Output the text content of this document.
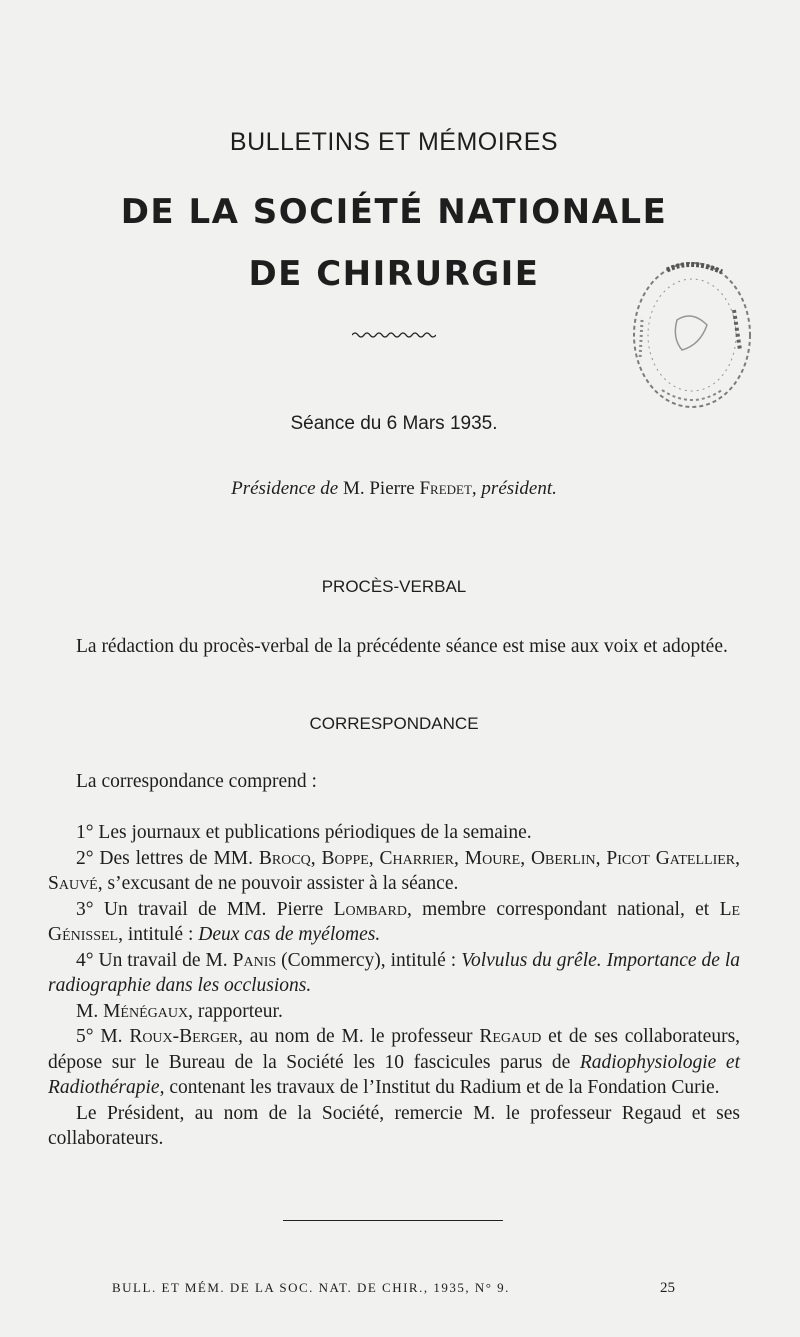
BULLETINS ET MÉMOIRES
DE LA SOCIÉTÉ NATIONALE
DE CHIRURGIE
Séance du 6 Mars 1935.
Présidence de M. Pierre Fredet, président.
PROCÈS-VERBAL

La rédaction du procès-verbal de la précédente séance est mise aux voix et adoptée.

CORRESPONDANCE

La correspondance comprend :

1° Les journaux et publications périodiques de la semaine.

2° Des lettres de MM. Brocq, Boppe, Charrier, Moure, Oberlin, Picot Gatellier, Sauvé, s’excusant de ne pouvoir assister à la séance.

3° Un travail de MM. Pierre Lombard, membre correspondant national, et Le Génissel, intitulé : Deux cas de myélomes.

4° Un travail de M. Panis (Commercy), intitulé : Volvulus du grêle. Importance de la radiographie dans les occlusions.

M. Ménégaux, rapporteur.

5° M. Roux-Berger, au nom de M. le professeur Regaud et de ses collaborateurs, dépose sur le Bureau de la Société les 10 fascicules parus de Radiophysiologie et Radiothérapie, contenant les travaux de l’Institut du Radium et de la Fondation Curie.

Le Président, au nom de la Société, remercie M. le professeur Regaud et ses collaborateurs.

BULL. ET MÉM. DE LA SOC. NAT. DE CHIR., 1935, N° 9.	25
